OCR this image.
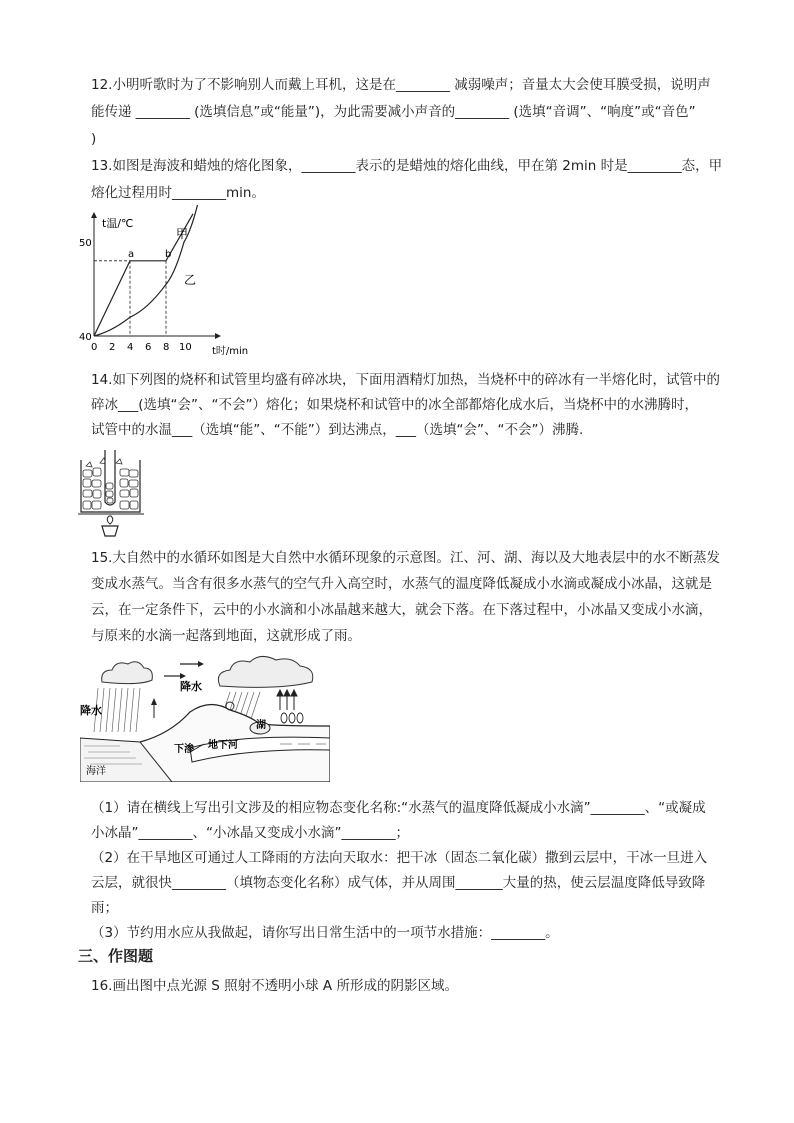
12.小明听歌时为了不影响别人而戴上耳机，这是在________ 减弱噪声；音量太大会使耳膜受损，说明声
能传递 ________ (选填信息”或“能量”)，为此需要减小声音的________ (选填“音调”、“响度”或“音色”
)
13.如图是海波和蜡烛的熔化图象，________表示的是蜡烛的熔化曲线，甲在第 2min 时是________态，甲
熔化过程用时________min。
t温/℃
t时/min
50
40
0 2 4 6 8 10
a	b
甲
乙
14.如下列图的烧杯和试管里均盛有碎冰块，下面用酒精灯加热，当烧杯中的碎冰有一半熔化时，试管中的
碎冰___(选填“会”、“不会”）熔化；如果烧杯和试管中的冰全部都熔化成水后，当烧杯中的水沸腾时，
试管中的水温___（选填“能”、“不能”）到达沸点，___（选填“会”、“不会”）沸腾.
15.大自然中的水循环如图是大自然中水循环现象的示意图。江、河、湖、海以及大地表层中的水不断蒸发
变成水蒸气。当含有很多水蒸气的空气升入高空时，水蒸气的温度降低凝成小水滴或凝成小冰晶，这就是
云，在一定条件下，云中的小水滴和小冰晶越来越大，就会下落。在下落过程中，小冰晶又变成小水滴，
与原来的水滴一起落到地面，这就形成了雨。
降水
降水
湖
地下河
下渗
海洋
（1）请在横线上写出引文涉及的相应物态变化名称:“水蒸气的温度降低凝成小水滴”________、“或凝成
小冰晶”________、“小冰晶又变成小水滴”________；
（2）在干旱地区可通过人工降雨的方法向天取水：把干冰（固态二氧化碳）撒到云层中，干冰一旦进入
云层，就很快________（填物态变化名称）成气体，并从周围_______大量的热，使云层温度降低导致降
雨；
（3）节约用水应从我做起，请你写出日常生活中的一项节水措施：________。
三、作图题
16.画出图中点光源 S 照射不透明小球 A 所形成的阴影区域。
